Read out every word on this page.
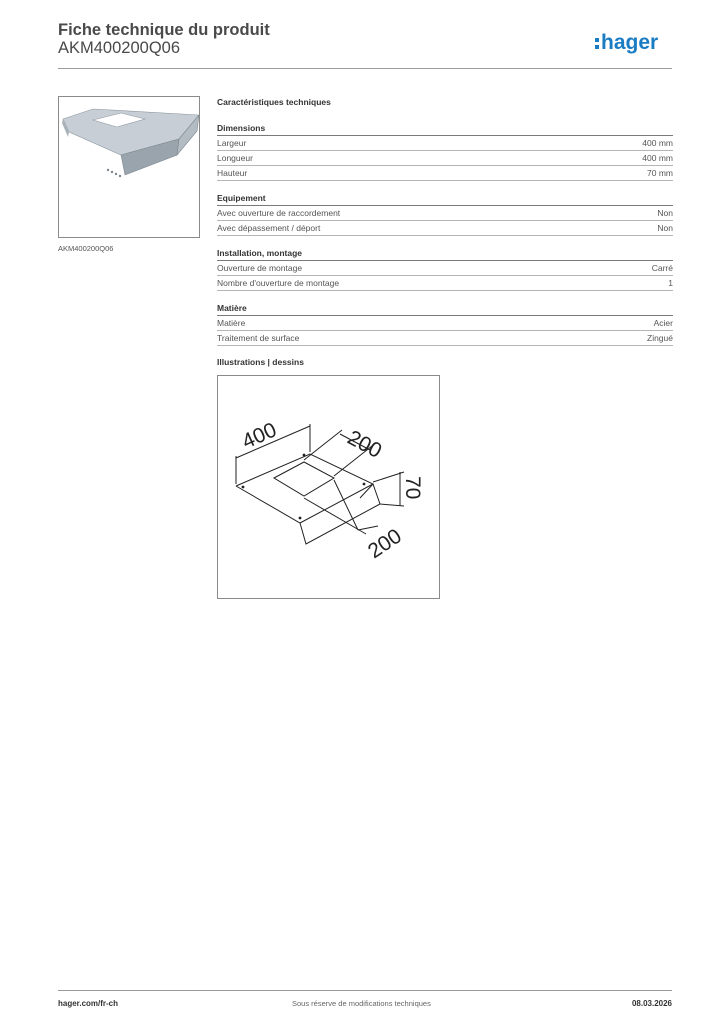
Fiche technique du produit
AKM400200Q06	hager
AKM400200Q06
Caractéristiques techniques
Dimensions
Largeur	400 mm
Longueur	400 mm
Hauteur	70 mm
Equipement
Avec ouverture de raccordement	Non
Avec dépassement / déport	Non
Installation, montage
Ouverture de montage	Carré
Nombre d'ouverture de montage	1
Matière
Matière	Acier
Traitement de surface	Zingué
Illustrations | dessins
400	200
70
200
hager.com/fr-ch	Sous réserve de modifications techniques	08.03.2026
